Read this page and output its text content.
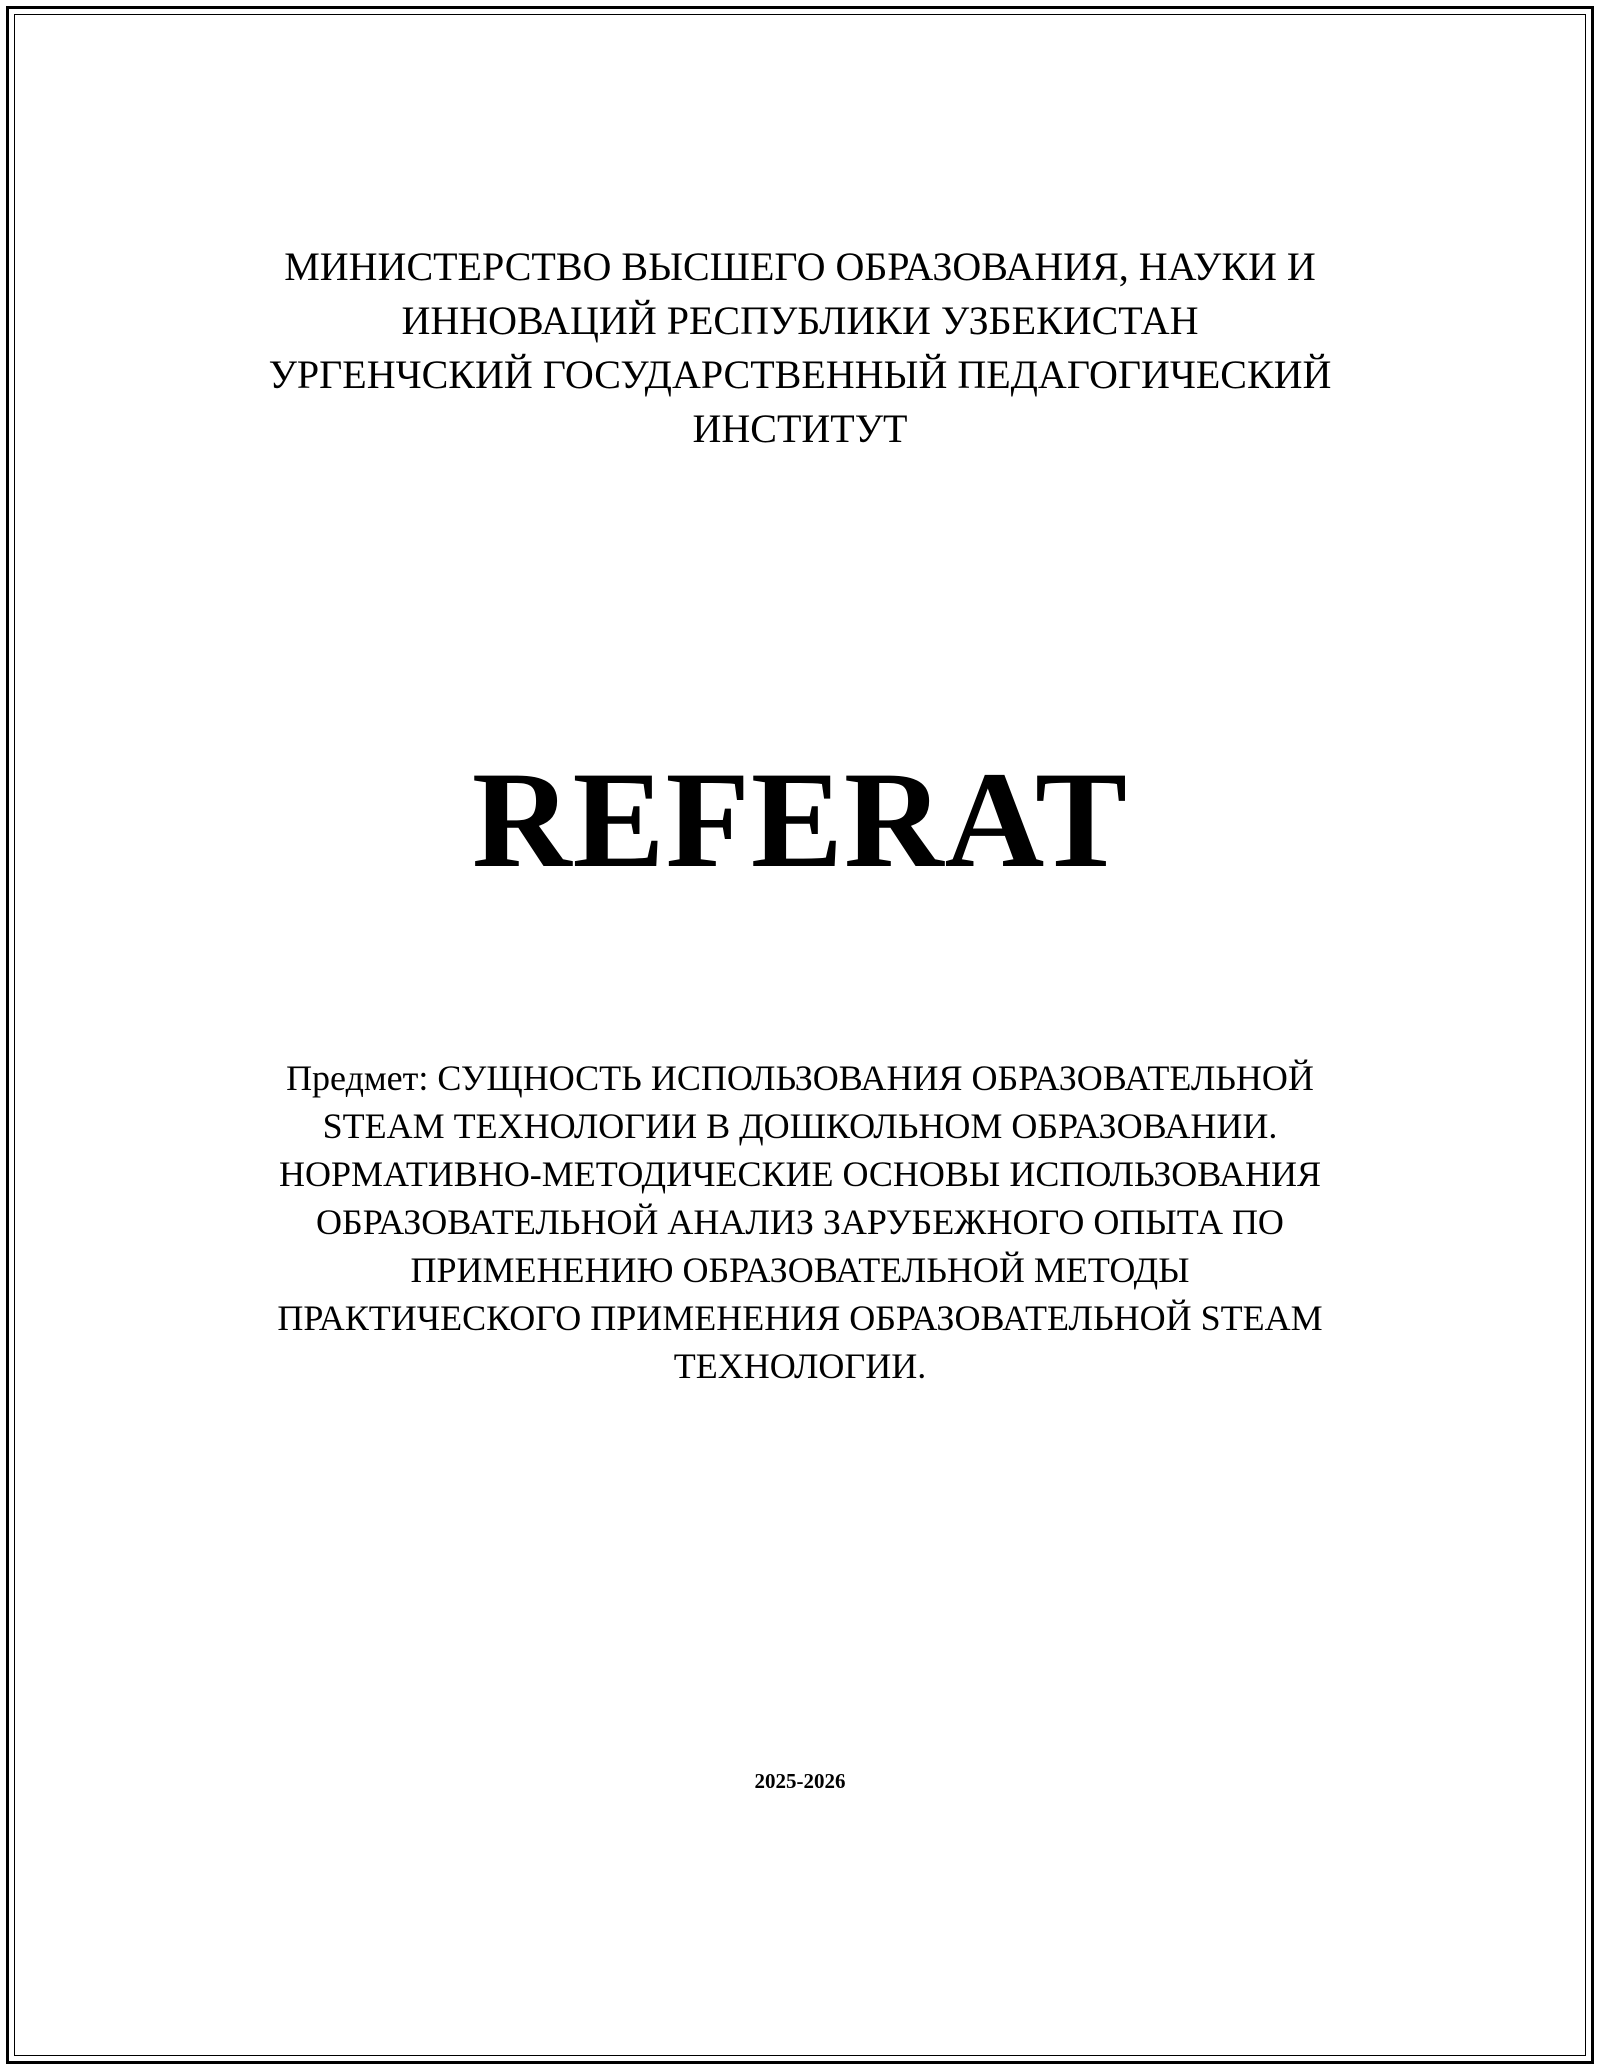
МИНИСТЕРСТВО ВЫСШЕГО ОБРАЗОВАНИЯ, НАУКИ И
ИННОВАЦИЙ РЕСПУБЛИКИ УЗБЕКИСТАН
УРГЕНЧСКИЙ ГОСУДАРСТВЕННЫЙ ПЕДАГОГИЧЕСКИЙ
ИНСТИТУТ
REFERAT
Предмет: СУЩНОСТЬ ИСПОЛЬЗОВАНИЯ ОБРАЗОВАТЕЛЬНОЙ
STEAM ТЕХНОЛОГИИ В ДОШКОЛЬНОМ ОБРАЗОВАНИИ.
НОРМАТИВНО-МЕТОДИЧЕСКИЕ ОСНОВЫ ИСПОЛЬЗОВАНИЯ
ОБРАЗОВАТЕЛЬНОЙ АНАЛИЗ ЗАРУБЕЖНОГО ОПЫТА ПО
ПРИМЕНЕНИЮ ОБРАЗОВАТЕЛЬНОЙ МЕТОДЫ
ПРАКТИЧЕСКОГО ПРИМЕНЕНИЯ ОБРАЗОВАТЕЛЬНОЙ STEAM
ТЕХНОЛОГИИ.
2025-2026
